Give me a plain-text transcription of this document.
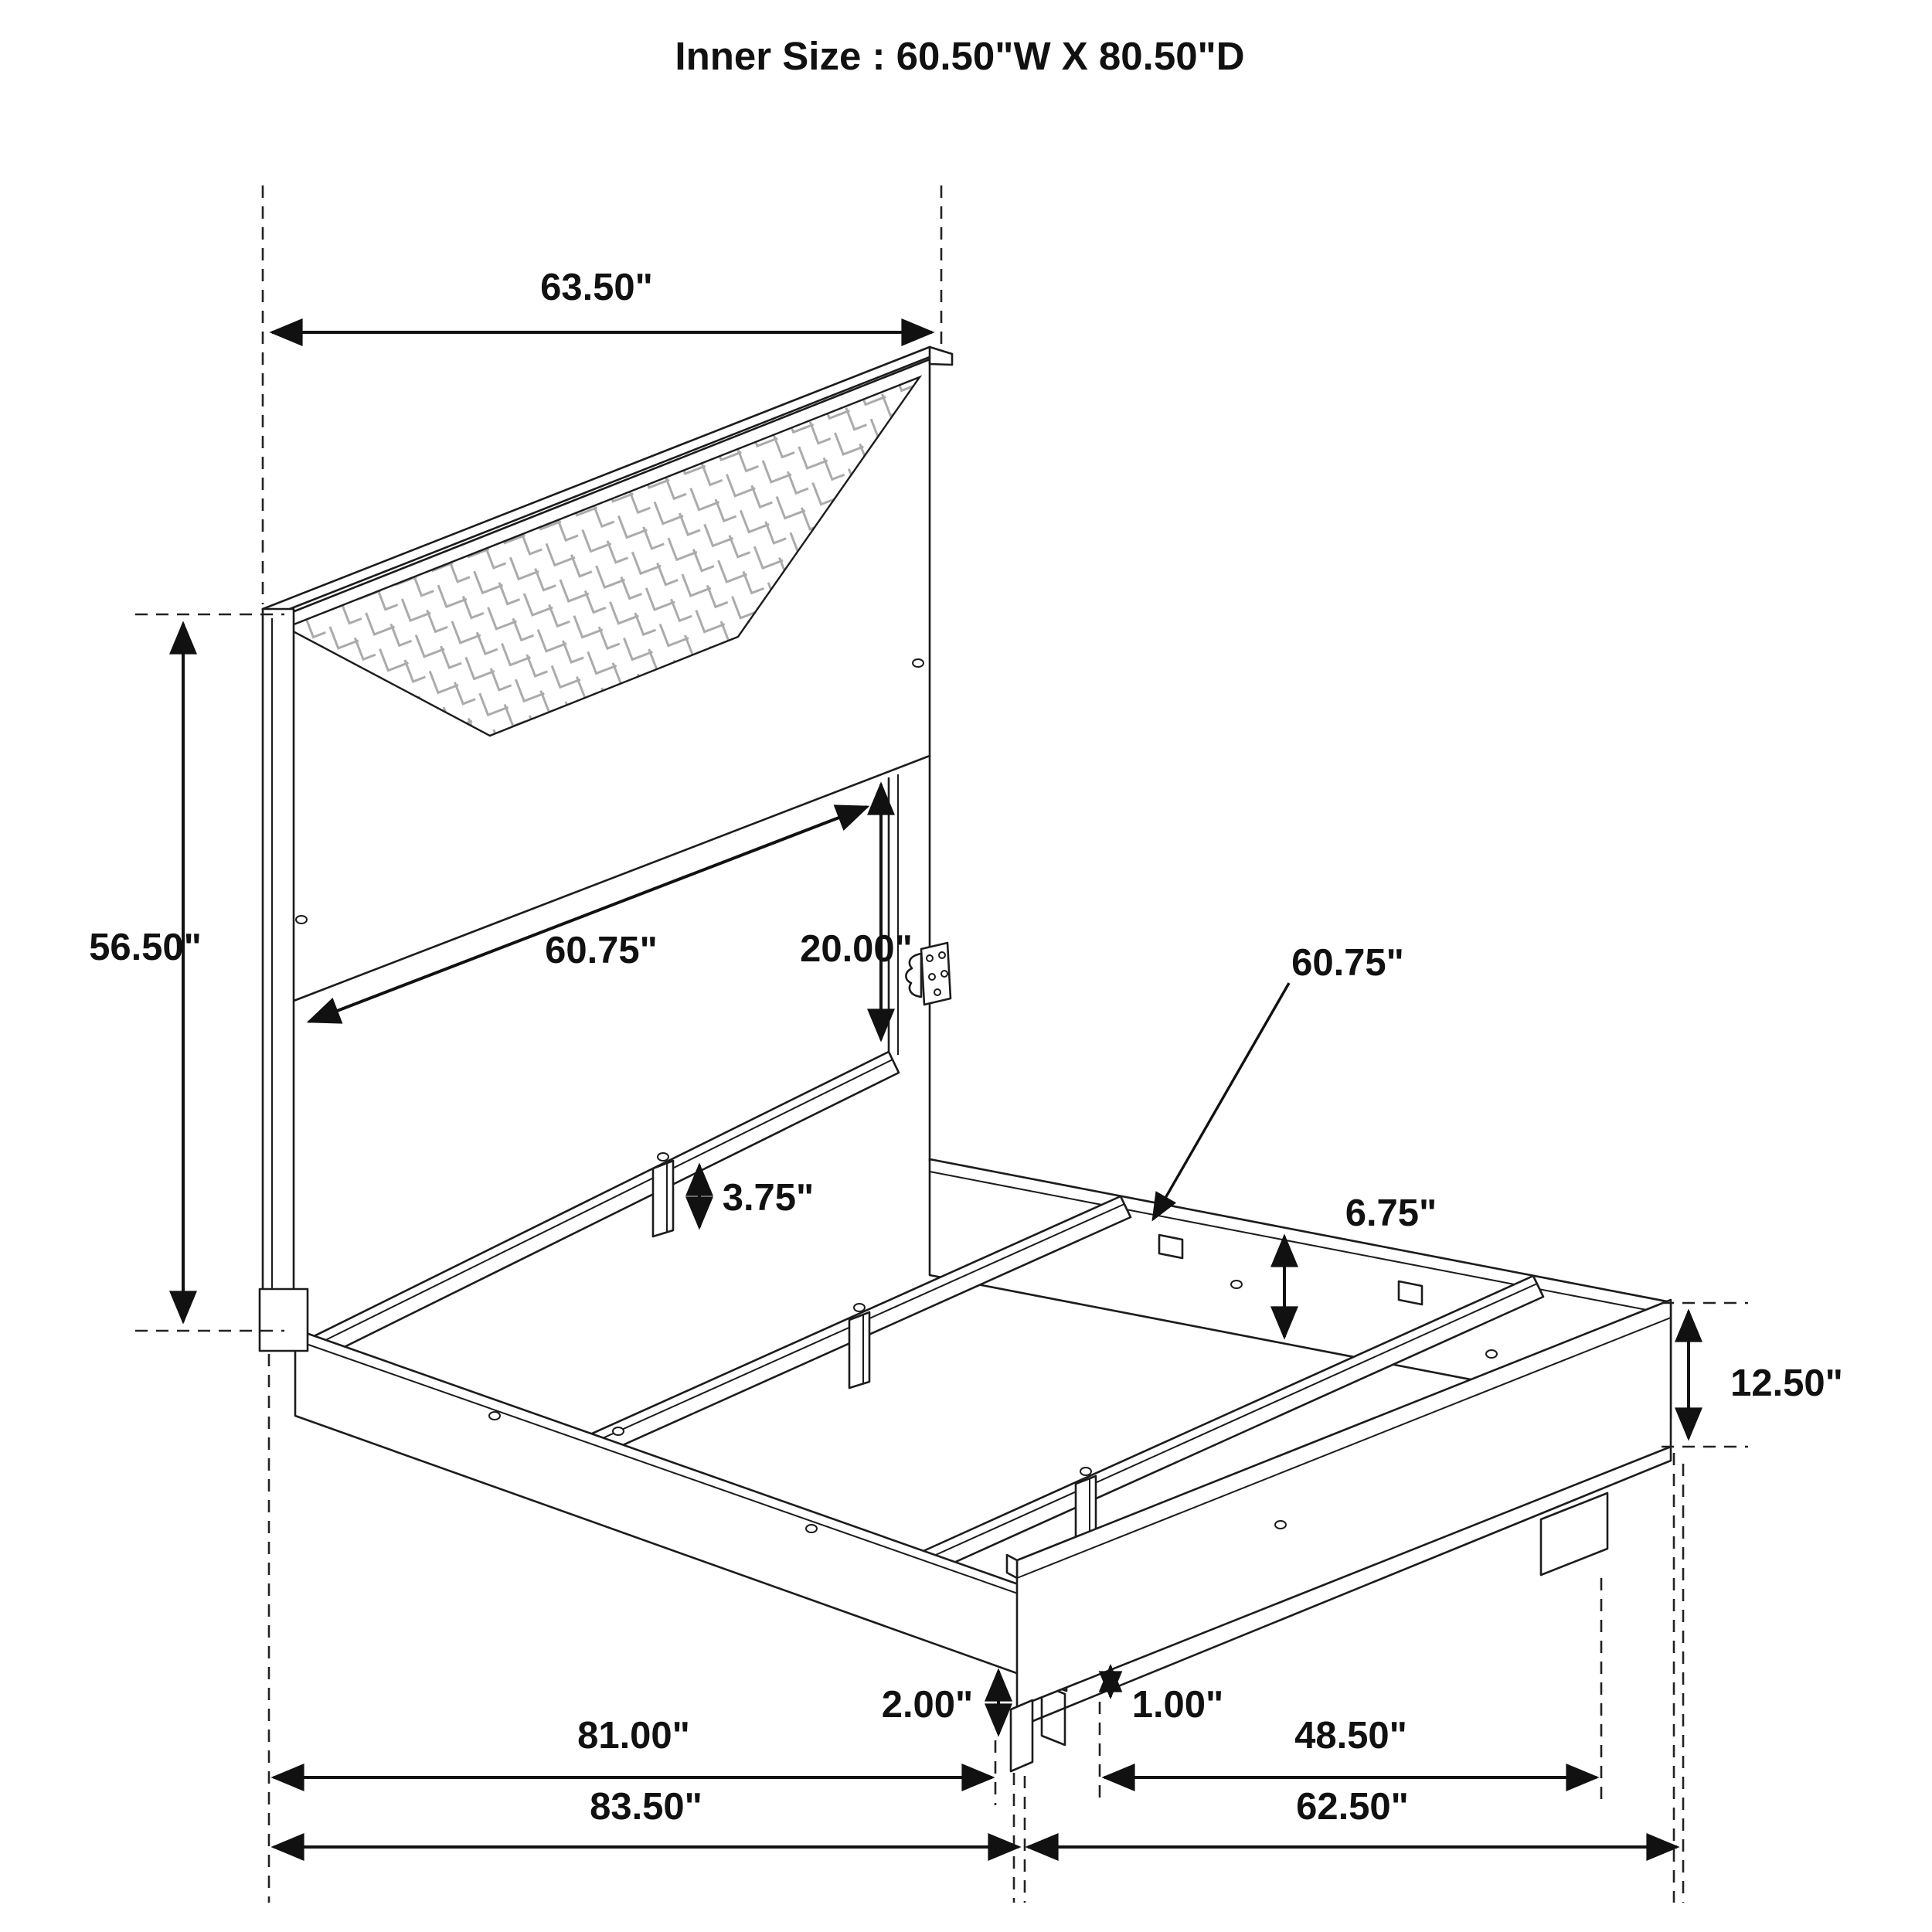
Inner Size : 60.50"W X 80.50"D
63.50"
56.50"	60.75"	20.00"	60.75"
6.75"
3.75"
12.50"
2.00"	1.00"
81.00"	48.50"
83.50"	62.50"
